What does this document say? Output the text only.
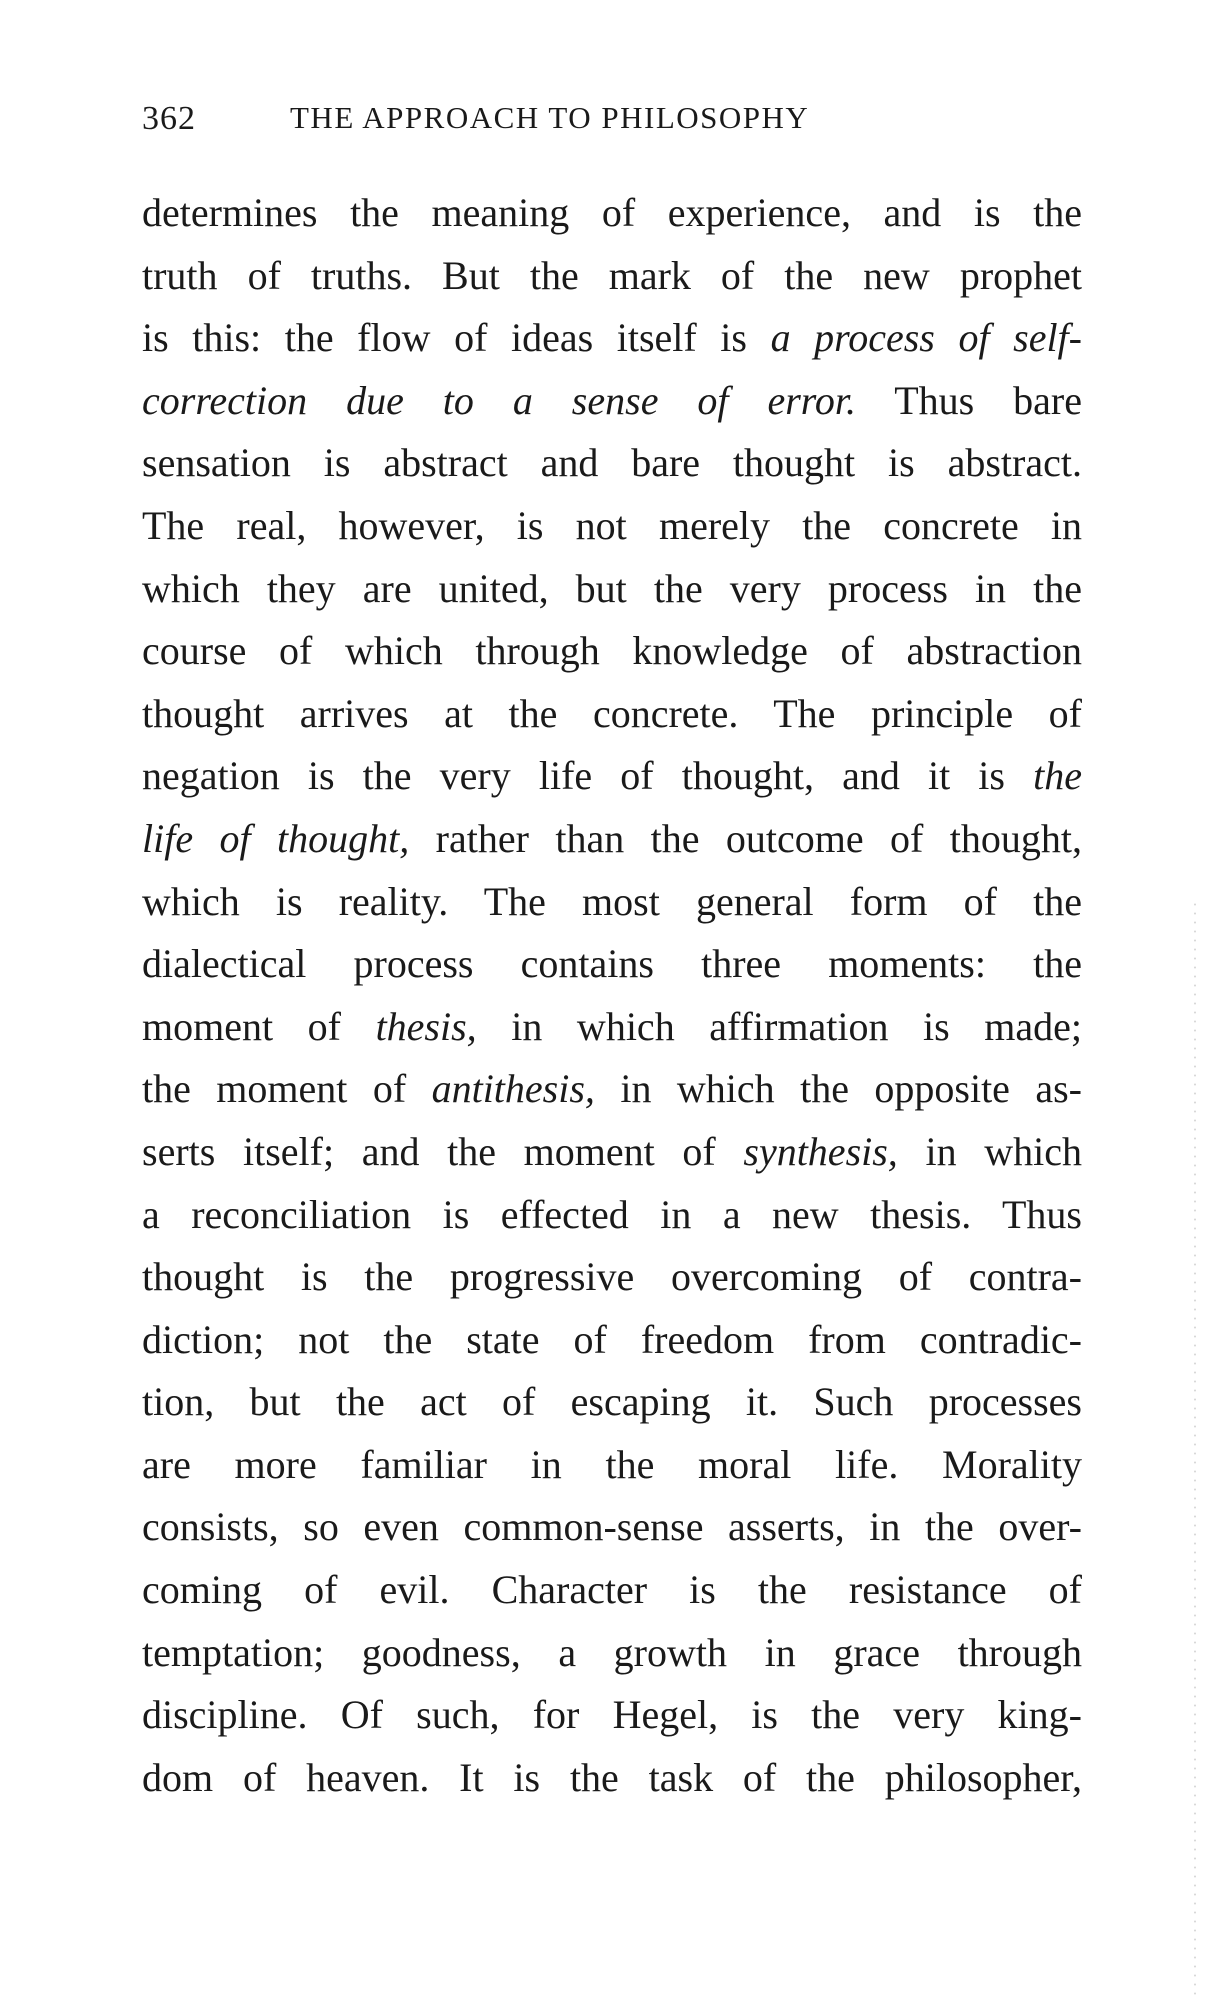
362	THE APPROACH TO PHILOSOPHY
determines the meaning of experience, and is the
truth of truths. But the mark of the new prophet
is this: the flow of ideas itself is a process of self-
correction due to a sense of error. Thus bare
sensation is abstract and bare thought is abstract.
The real, however, is not merely the concrete in
which they are united, but the very process in the
course of which through knowledge of abstraction
thought arrives at the concrete. The principle of
negation is the very life of thought, and it is the
life of thought, rather than the outcome of thought,
which is reality. The most general form of the
dialectical process contains three moments: the
moment of thesis, in which affirmation is made;
the moment of antithesis, in which the opposite as-
serts itself; and the moment of synthesis, in which
a reconciliation is effected in a new thesis. Thus
thought is the progressive overcoming of contra-
diction; not the state of freedom from contradic-
tion, but the act of escaping it. Such processes
are more familiar in the moral life. Morality
consists, so even common-sense asserts, in the over-
coming of evil. Character is the resistance of
temptation; goodness, a growth in grace through
discipline. Of such, for Hegel, is the very king-
dom of heaven. It is the task of the philosopher,
